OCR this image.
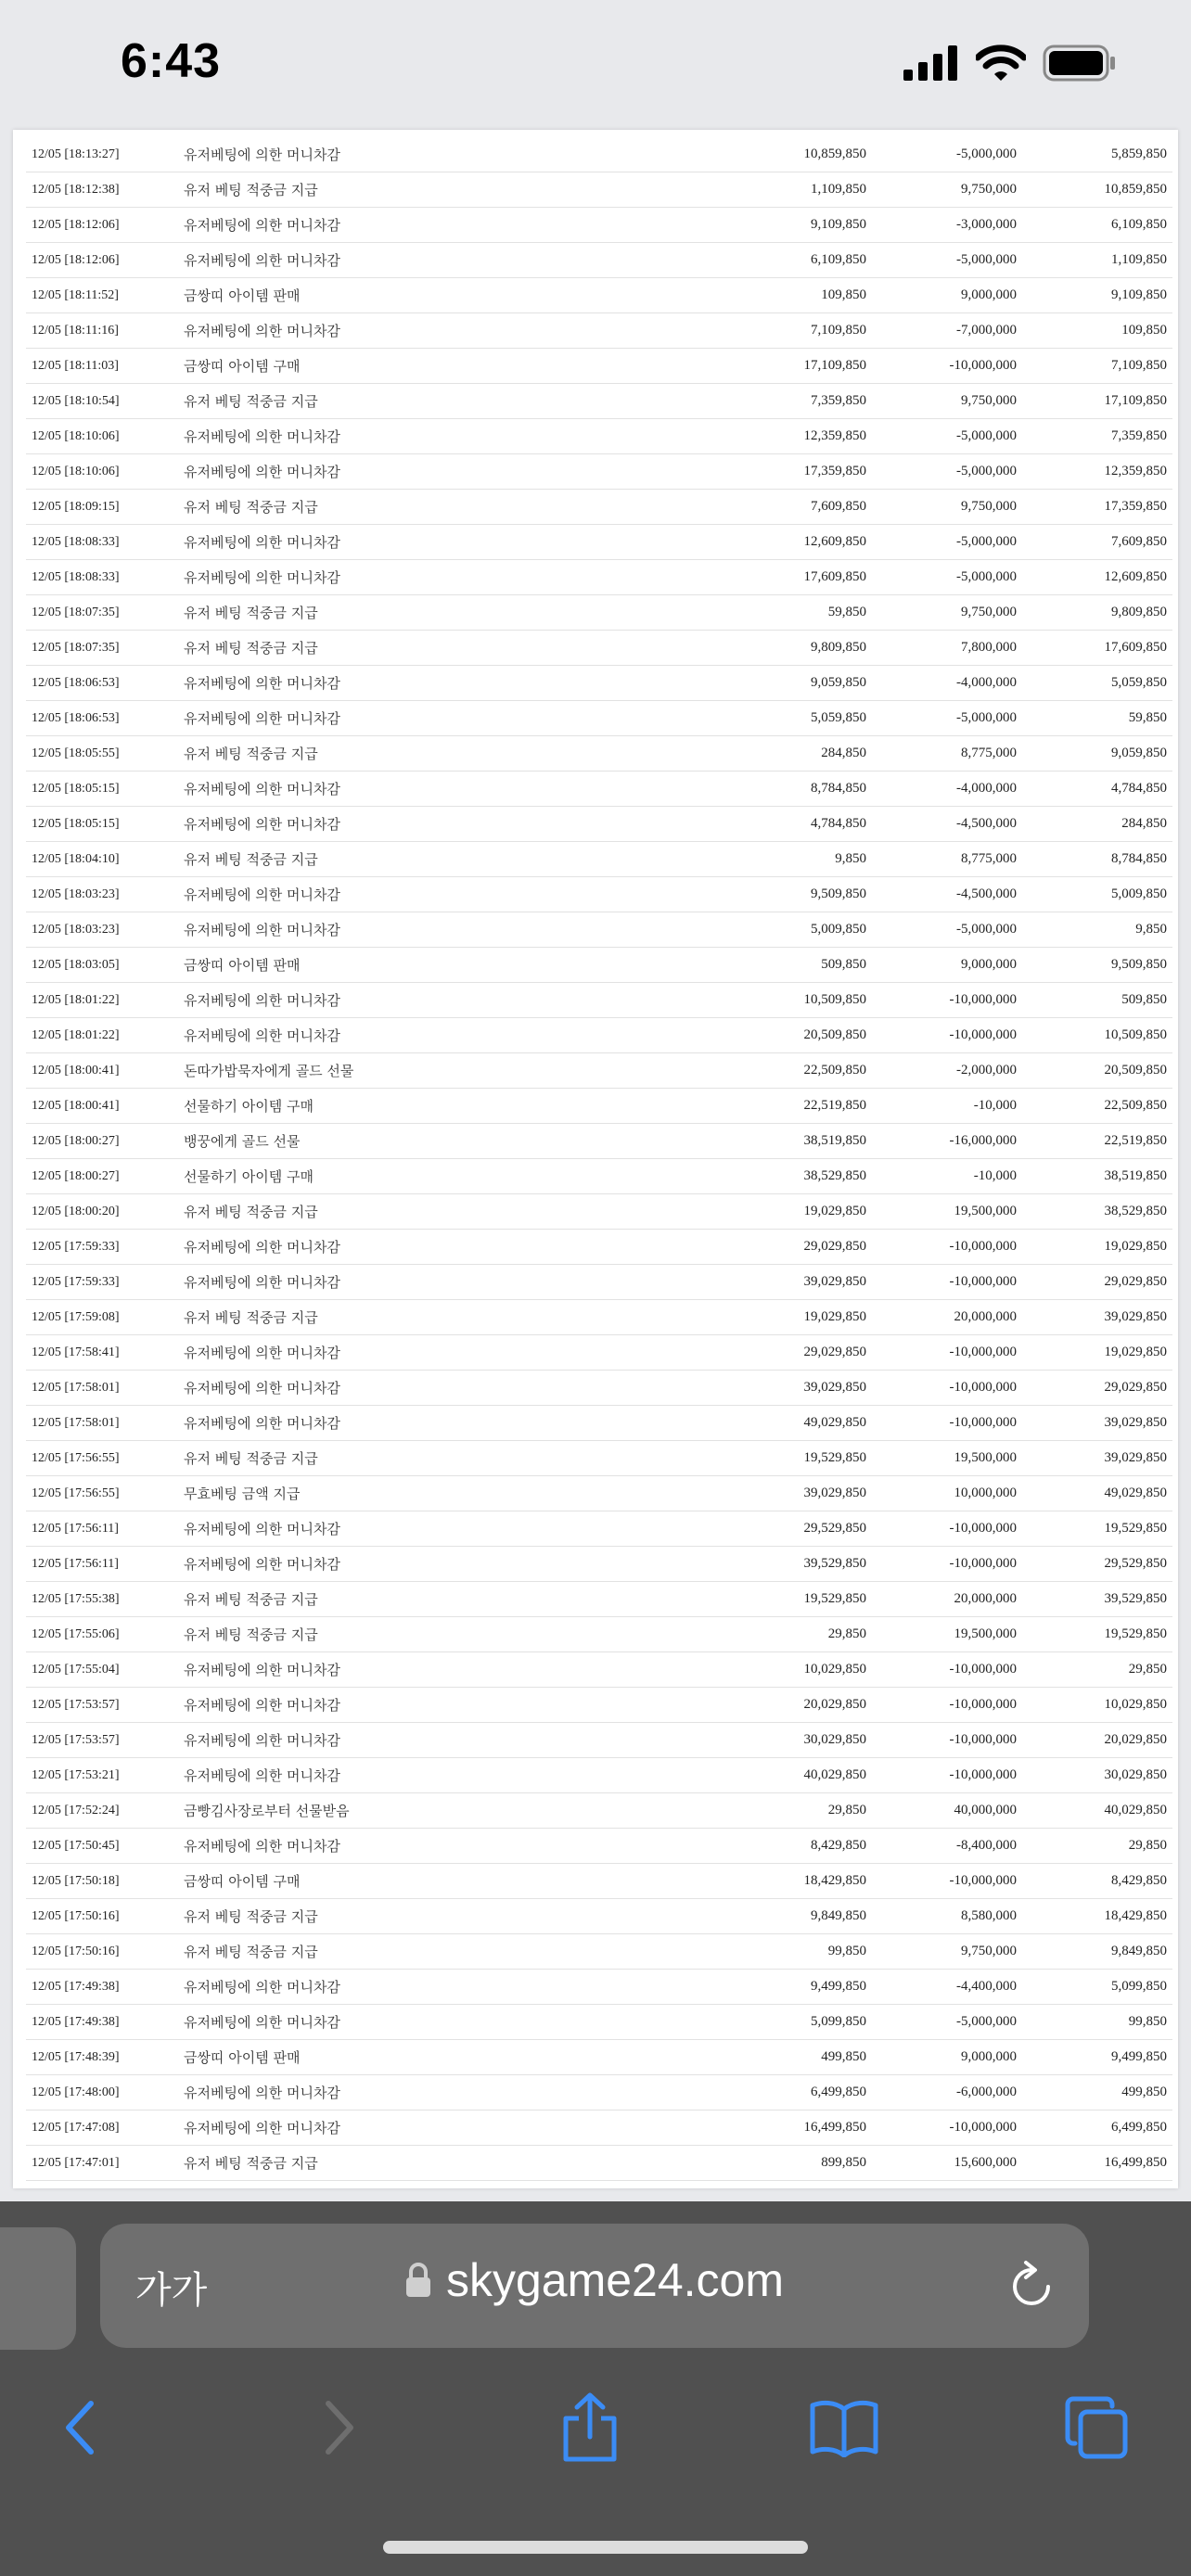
6:43
12/05 [18:13:27]	유저베팅에 의한 머니차감		10,859,850	-5,000,000	5,859,850
12/05 [18:12:38]	유저 베팅 적중금 지급		1,109,850	9,750,000	10,859,850
12/05 [18:12:06]	유저베팅에 의한 머니차감		9,109,850	-3,000,000	6,109,850
12/05 [18:12:06]	유저베팅에 의한 머니차감		6,109,850	-5,000,000	1,109,850
12/05 [18:11:52]	금쌍띠 아이템 판매		109,850	9,000,000	9,109,850
12/05 [18:11:16]	유저베팅에 의한 머니차감		7,109,850	-7,000,000	109,850
12/05 [18:11:03]	금쌍띠 아이템 구매		17,109,850	-10,000,000	7,109,850
12/05 [18:10:54]	유저 베팅 적중금 지급		7,359,850	9,750,000	17,109,850
12/05 [18:10:06]	유저베팅에 의한 머니차감		12,359,850	-5,000,000	7,359,850
12/05 [18:10:06]	유저베팅에 의한 머니차감		17,359,850	-5,000,000	12,359,850
12/05 [18:09:15]	유저 베팅 적중금 지급		7,609,850	9,750,000	17,359,850
12/05 [18:08:33]	유저베팅에 의한 머니차감		12,609,850	-5,000,000	7,609,850
12/05 [18:08:33]	유저베팅에 의한 머니차감		17,609,850	-5,000,000	12,609,850
12/05 [18:07:35]	유저 베팅 적중금 지급		59,850	9,750,000	9,809,850
12/05 [18:07:35]	유저 베팅 적중금 지급		9,809,850	7,800,000	17,609,850
12/05 [18:06:53]	유저베팅에 의한 머니차감		9,059,850	-4,000,000	5,059,850
12/05 [18:06:53]	유저베팅에 의한 머니차감		5,059,850	-5,000,000	59,850
12/05 [18:05:55]	유저 베팅 적중금 지급		284,850	8,775,000	9,059,850
12/05 [18:05:15]	유저베팅에 의한 머니차감		8,784,850	-4,000,000	4,784,850
12/05 [18:05:15]	유저베팅에 의한 머니차감		4,784,850	-4,500,000	284,850
12/05 [18:04:10]	유저 베팅 적중금 지급		9,850	8,775,000	8,784,850
12/05 [18:03:23]	유저베팅에 의한 머니차감		9,509,850	-4,500,000	5,009,850
12/05 [18:03:23]	유저베팅에 의한 머니차감		5,009,850	-5,000,000	9,850
12/05 [18:03:05]	금쌍띠 아이템 판매		509,850	9,000,000	9,509,850
12/05 [18:01:22]	유저베팅에 의한 머니차감		10,509,850	-10,000,000	509,850
12/05 [18:01:22]	유저베팅에 의한 머니차감		20,509,850	-10,000,000	10,509,850
12/05 [18:00:41]	돈따가밥묵자에게 골드 선물		22,509,850	-2,000,000	20,509,850
12/05 [18:00:41]	선물하기 아이템 구매		22,519,850	-10,000	22,509,850
12/05 [18:00:27]	뱅꿍에게 골드 선물		38,519,850	-16,000,000	22,519,850
12/05 [18:00:27]	선물하기 아이템 구매		38,529,850	-10,000	38,519,850
12/05 [18:00:20]	유저 베팅 적중금 지급		19,029,850	19,500,000	38,529,850
12/05 [17:59:33]	유저베팅에 의한 머니차감		29,029,850	-10,000,000	19,029,850
12/05 [17:59:33]	유저베팅에 의한 머니차감		39,029,850	-10,000,000	29,029,850
12/05 [17:59:08]	유저 베팅 적중금 지급		19,029,850	20,000,000	39,029,850
12/05 [17:58:41]	유저베팅에 의한 머니차감		29,029,850	-10,000,000	19,029,850
12/05 [17:58:01]	유저베팅에 의한 머니차감		39,029,850	-10,000,000	29,029,850
12/05 [17:58:01]	유저베팅에 의한 머니차감		49,029,850	-10,000,000	39,029,850
12/05 [17:56:55]	유저 베팅 적중금 지급		19,529,850	19,500,000	39,029,850
12/05 [17:56:55]	무효베팅 금액 지급		39,029,850	10,000,000	49,029,850
12/05 [17:56:11]	유저베팅에 의한 머니차감		29,529,850	-10,000,000	19,529,850
12/05 [17:56:11]	유저베팅에 의한 머니차감		39,529,850	-10,000,000	29,529,850
12/05 [17:55:38]	유저 베팅 적중금 지급		19,529,850	20,000,000	39,529,850
12/05 [17:55:06]	유저 베팅 적중금 지급		29,850	19,500,000	19,529,850
12/05 [17:55:04]	유저베팅에 의한 머니차감		10,029,850	-10,000,000	29,850
12/05 [17:53:57]	유저베팅에 의한 머니차감		20,029,850	-10,000,000	10,029,850
12/05 [17:53:57]	유저베팅에 의한 머니차감		30,029,850	-10,000,000	20,029,850
12/05 [17:53:21]	유저베팅에 의한 머니차감		40,029,850	-10,000,000	30,029,850
12/05 [17:52:24]	금빵김사장로부터 선물받음		29,850	40,000,000	40,029,850
12/05 [17:50:45]	유저베팅에 의한 머니차감		8,429,850	-8,400,000	29,850
12/05 [17:50:18]	금쌍띠 아이템 구매		18,429,850	-10,000,000	8,429,850
12/05 [17:50:16]	유저 베팅 적중금 지급		9,849,850	8,580,000	18,429,850
12/05 [17:50:16]	유저 베팅 적중금 지급		99,850	9,750,000	9,849,850
12/05 [17:49:38]	유저베팅에 의한 머니차감		9,499,850	-4,400,000	5,099,850
12/05 [17:49:38]	유저베팅에 의한 머니차감		5,099,850	-5,000,000	99,850
12/05 [17:48:39]	금쌍띠 아이템 판매		499,850	9,000,000	9,499,850
12/05 [17:48:00]	유저베팅에 의한 머니차감		6,499,850	-6,000,000	499,850
12/05 [17:47:08]	유저베팅에 의한 머니차감		16,499,850	-10,000,000	6,499,850
12/05 [17:47:01]	유저 베팅 적중금 지급		899,850	15,600,000	16,499,850
가가	skygame24.com
